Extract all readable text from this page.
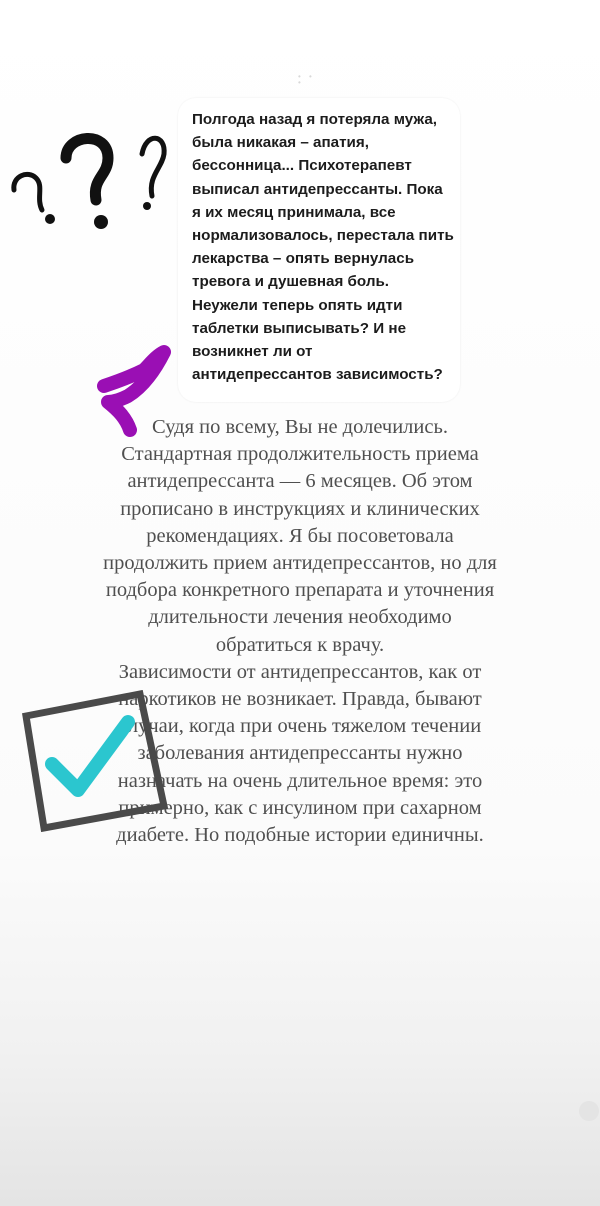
• • •

Полгода назад я потеряла мужа, была никакая – апатия, бессонница... Психотерапевт выписал антидепрессанты. Пока я их месяц принимала, все нормализовалось, перестала пить лекарства – опять вернулась тревога и душевная боль. Неужели теперь опять идти таблетки выписывать? И не возникнет ли от антидепрессантов зависимость?

Судя по всему, Вы не долечились. Стандартная продолжительность приема антидепрессанта — 6 месяцев. Об этом прописано в инструкциях и клинических рекомендациях. Я бы посоветовала продолжить прием антидепрессантов, но для подбора конкретного препарата и уточнения длительности лечения необходимо обратиться к врачу.

Зависимости от антидепрессантов, как от наркотиков не возникает. Правда, бывают случаи, когда при очень тяжелом течении заболевания антидепрессанты нужно назначать на очень длительное время: это примерно, как с инсулином при сахарном диабете. Но подобные истории единичны.
